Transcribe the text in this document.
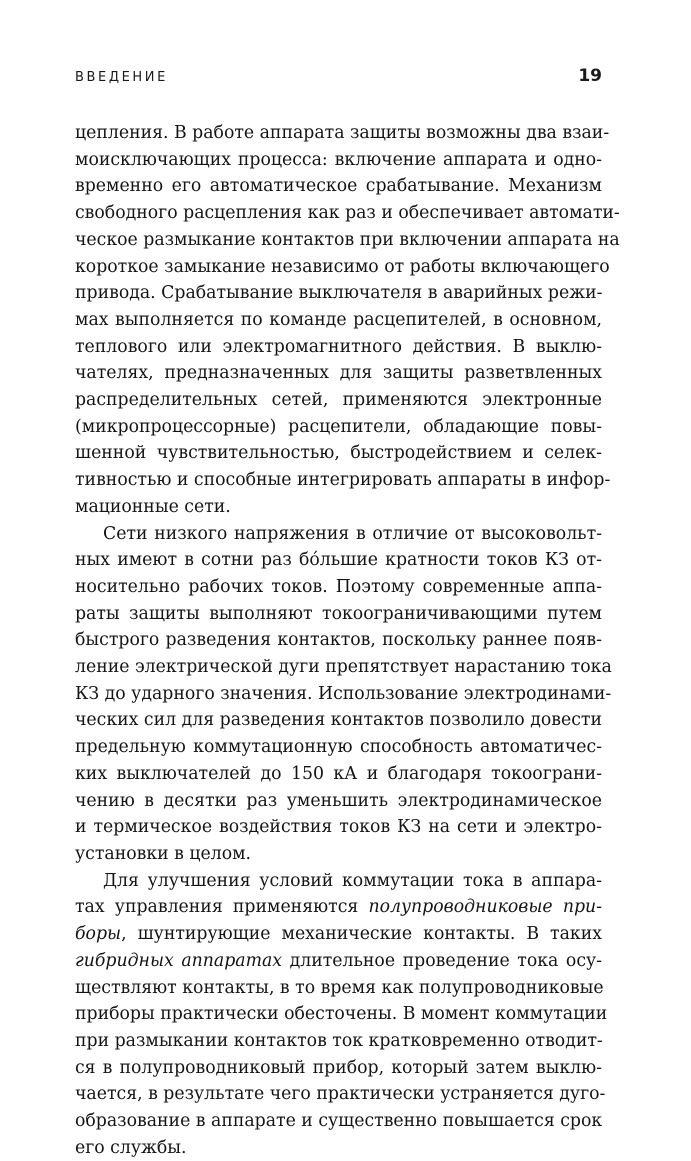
ВВЕДЕНИЕ	19

цепления. В работе аппарата защиты возможны два взаи-
моисключающих процесса: включение аппарата и одно-
временно его автоматическое срабатывание. Механизм
свободного расцепления как раз и обеспечивает автомати-
ческое размыкание контактов при включении аппарата на
короткое замыкание независимо от работы включающего
привода. Срабатывание выключателя в аварийных режи-
мах выполняется по команде расцепителей, в основном,
теплового или электромагнитного действия. В выклю-
чателях, предназначенных для защиты разветвленных
распределительных сетей, применяются электронные
(микропроцессорные) расцепители, обладающие повы-
шенной чувствительностью, быстродействием и селек-
тивностью и способные интегрировать аппараты в инфор-
мационные сети.

Сети низкого напряжения в отличие от высоковольт-
ных имеют в сотни раз бо́льшие кратности токов КЗ от-
носительно рабочих токов. Поэтому современные аппа-
раты защиты выполняют токоограничивающими путем
быстрого разведения контактов, поскольку раннее появ-
ление электрической дуги препятствует нарастанию тока
КЗ до ударного значения. Использование электродинами-
ческих сил для разведения контактов позволило довести
предельную коммутационную способность автоматичес-
ких выключателей до 150 кА и благодаря токоограни-
чению в десятки раз уменьшить электродинамическое
и термическое воздействия токов КЗ на сети и электро-
установки в целом.

Для улучшения условий коммутации тока в аппара-
тах управления применяются полупроводниковые при-
боры, шунтирующие механические контакты. В таких
гибридных аппаратах длительное проведение тока осу-
ществляют контакты, в то время как полупроводниковые
приборы практически обесточены. В момент коммутации
при размыкании контактов ток кратковременно отводит-
ся в полупроводниковый прибор, который затем выклю-
чается, в результате чего практически устраняется дуго-
образование в аппарате и существенно повышается срок
его службы.
